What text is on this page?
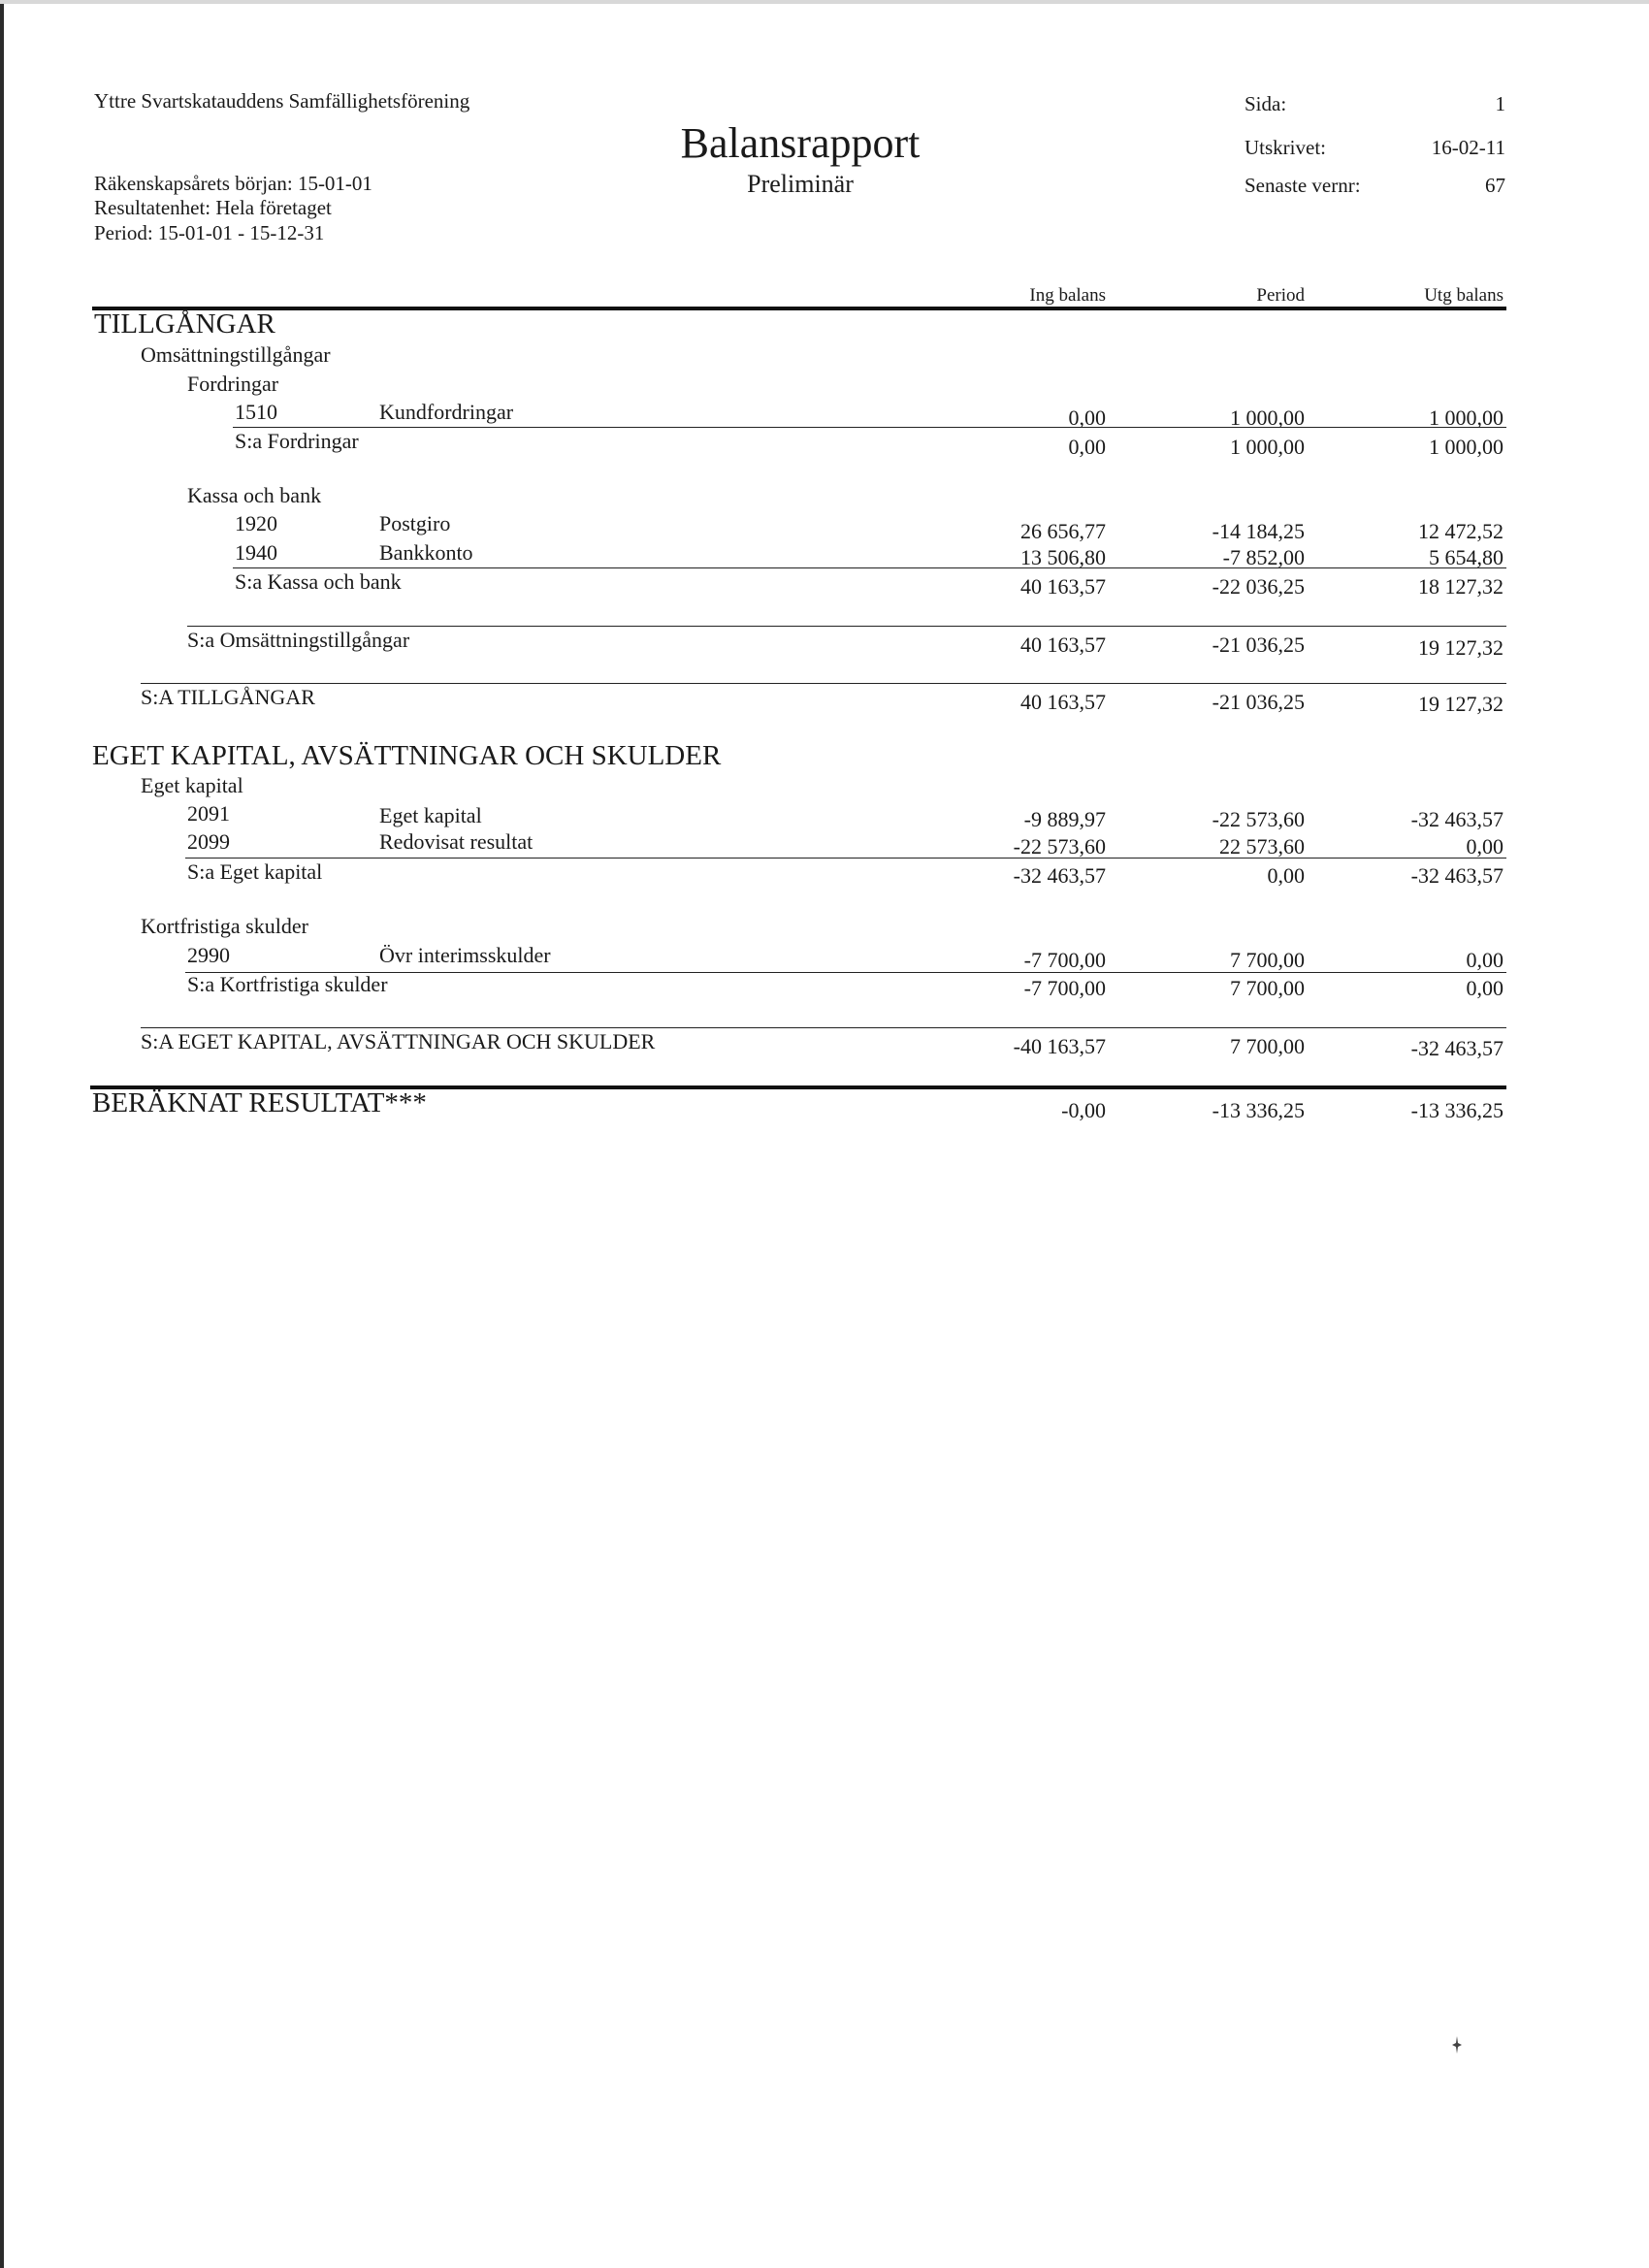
Yttre Svartskatauddens Samfällighetsförening
Räkenskapsårets början: 15-01-01
Resultatenhet: Hela företaget
Period: 15-01-01 - 15-12-31
Balansrapport
Preliminär
Sida:	1
Utskrivet:	16-02-11
Senaste vernr:	67
Ing balans	Period	Utg balans
TILLGÅNGAR
Omsättningstillgångar
Fordringar
1510	Kundfordringar	0,00	1 000,00	1 000,00
S:a Fordringar	0,00	1 000,00	1 000,00
Kassa och bank
1920	Postgiro	26 656,77	-14 184,25	12 472,52
1940	Bankkonto	13 506,80	-7 852,00	5 654,80
S:a Kassa och bank	40 163,57	-22 036,25	18 127,32
S:a Omsättningstillgångar	40 163,57	-21 036,25	19 127,32
S:A TILLGÅNGAR	40 163,57	-21 036,25	19 127,32
EGET KAPITAL, AVSÄTTNINGAR OCH SKULDER
Eget kapital
2091	Eget kapital	-9 889,97	-22 573,60	-32 463,57
2099	Redovisat resultat	-22 573,60	22 573,60	0,00
S:a Eget kapital	-32 463,57	0,00	-32 463,57
Kortfristiga skulder
2990	Övr interimsskulder	-7 700,00	7 700,00	0,00
S:a Kortfristiga skulder	-7 700,00	7 700,00	0,00
S:A EGET KAPITAL, AVSÄTTNINGAR OCH SKULDER	-40 163,57	7 700,00	-32 463,57
BERÄKNAT RESULTAT***	-0,00	-13 336,25	-13 336,25
